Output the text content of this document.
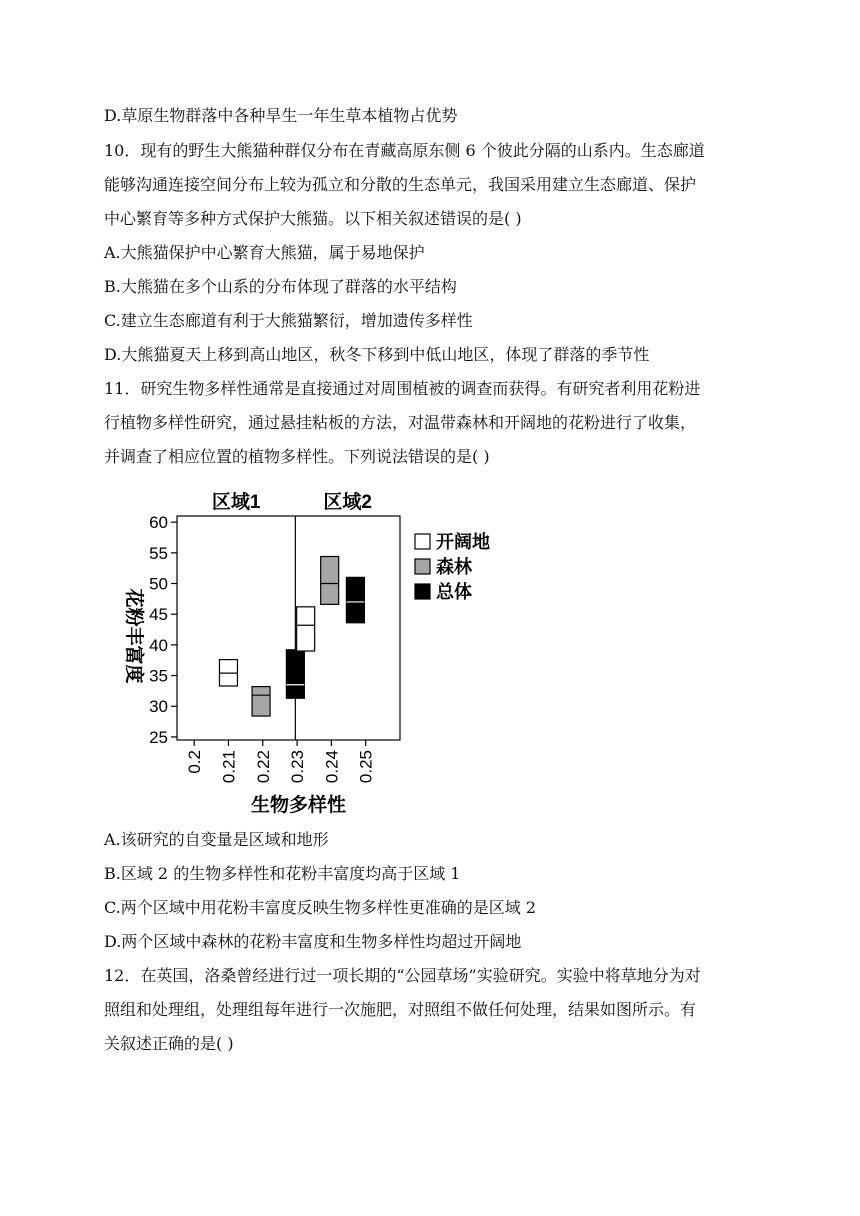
D.草原生物群落中各种旱生一年生草本植物占优势
10．现有的野生大熊猫种群仅分布在青藏高原东侧 6 个彼此分隔的山系内。生态廊道
能够沟通连接空间分布上较为孤立和分散的生态单元，我国采用建立生态廊道、保护
中心繁育等多种方式保护大熊猫。以下相关叙述错误的是( )
A.大熊猫保护中心繁育大熊猫，属于易地保护
B.大熊猫在多个山系的分布体现了群落的水平结构
C.建立生态廊道有利于大熊猫繁衍，增加遗传多样性
D.大熊猫夏天上移到高山地区，秋冬下移到中低山地区，体现了群落的季节性
11．研究生物多样性通常是直接通过对周围植被的调查而获得。有研究者利用花粉进
行植物多样性研究，通过悬挂粘板的方法，对温带森林和开阔地的花粉进行了收集，
并调查了相应位置的植物多样性。下列说法错误的是( )
区域1	区域2
25
30
35
40
45
50
55
60
0.2 0.21 0.22 0.23 0.24 0.25
生物多样性
花粉丰富度
开阔地
森林
总体
A.该研究的自变量是区域和地形
B.区域 2 的生物多样性和花粉丰富度均高于区域 1
C.两个区域中用花粉丰富度反映生物多样性更准确的是区域 2
D.两个区域中森林的花粉丰富度和生物多样性均超过开阔地
12．在英国，洛桑曾经进行过一项长期的“公园草场”实验研究。实验中将草地分为对
照组和处理组，处理组每年进行一次施肥，对照组不做任何处理，结果如图所示。有
关叙述正确的是( )
